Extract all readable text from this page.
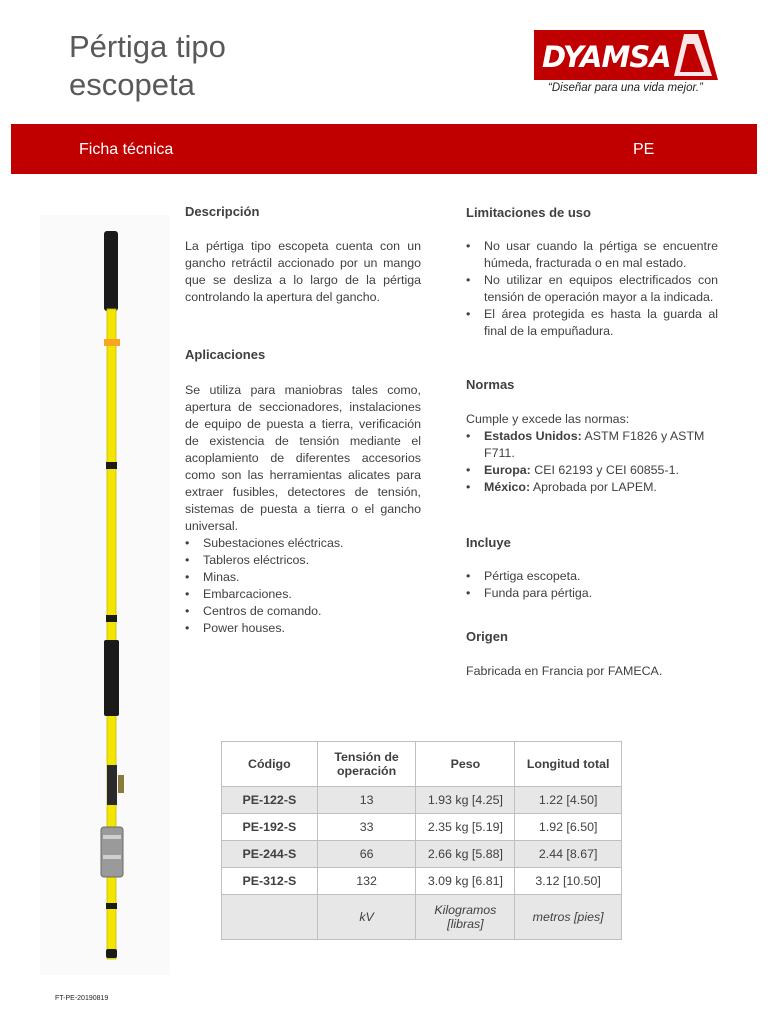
Pértiga tipo
escopeta
DYAMSA
“Diseñar para una vida mejor.”
Ficha técnica	PE
Descripción
La pértiga tipo escopeta cuenta con un gancho retráctil accionado por un mango que se desliza a lo largo de la pértiga controlando la apertura del gancho.
Aplicaciones
Se utiliza para maniobras tales como, apertura de seccionadores, instalaciones de equipo de puesta a tierra, verificación de existencia de tensión mediante el acoplamiento de diferentes accesorios como son las herramientas alicates para extraer fusibles, detectores de tensión, sistemas de puesta a tierra o el gancho universal.
• Subestaciones eléctricas.
• Tableros eléctricos.
• Minas.
• Embarcaciones.
• Centros de comando.
• Power houses.
Limitaciones de uso
• No usar cuando la pértiga se encuentre húmeda, fracturada o en mal estado.
• No utilizar en equipos electrificados con tensión de operación mayor a la indicada.
• El área protegida es hasta la guarda al final de la empuñadura.
Normas
Cumple y excede las normas:
• Estados Unidos: ASTM F1826 y ASTM F711.
• Europa: CEI 62193 y CEI 60855-1.
• México: Aprobada por LAPEM.
Incluye
• Pértiga escopeta.
• Funda para pértiga.
Origen
Fabricada en Francia por FAMECA.
Código	Tensión de operación	Peso	Longitud total
PE-122-S	13	1.93 kg [4.25]	1.22 [4.50]
PE-192-S	33	2.35 kg [5.19]	1.92 [6.50]
PE-244-S	66	2.66 kg [5.88]	2.44 [8.67]
PE-312-S	132	3.09 kg [6.81]	3.12 [10.50]
	kV	Kilogramos [libras]	metros [pies]
FT-PE-20190819
